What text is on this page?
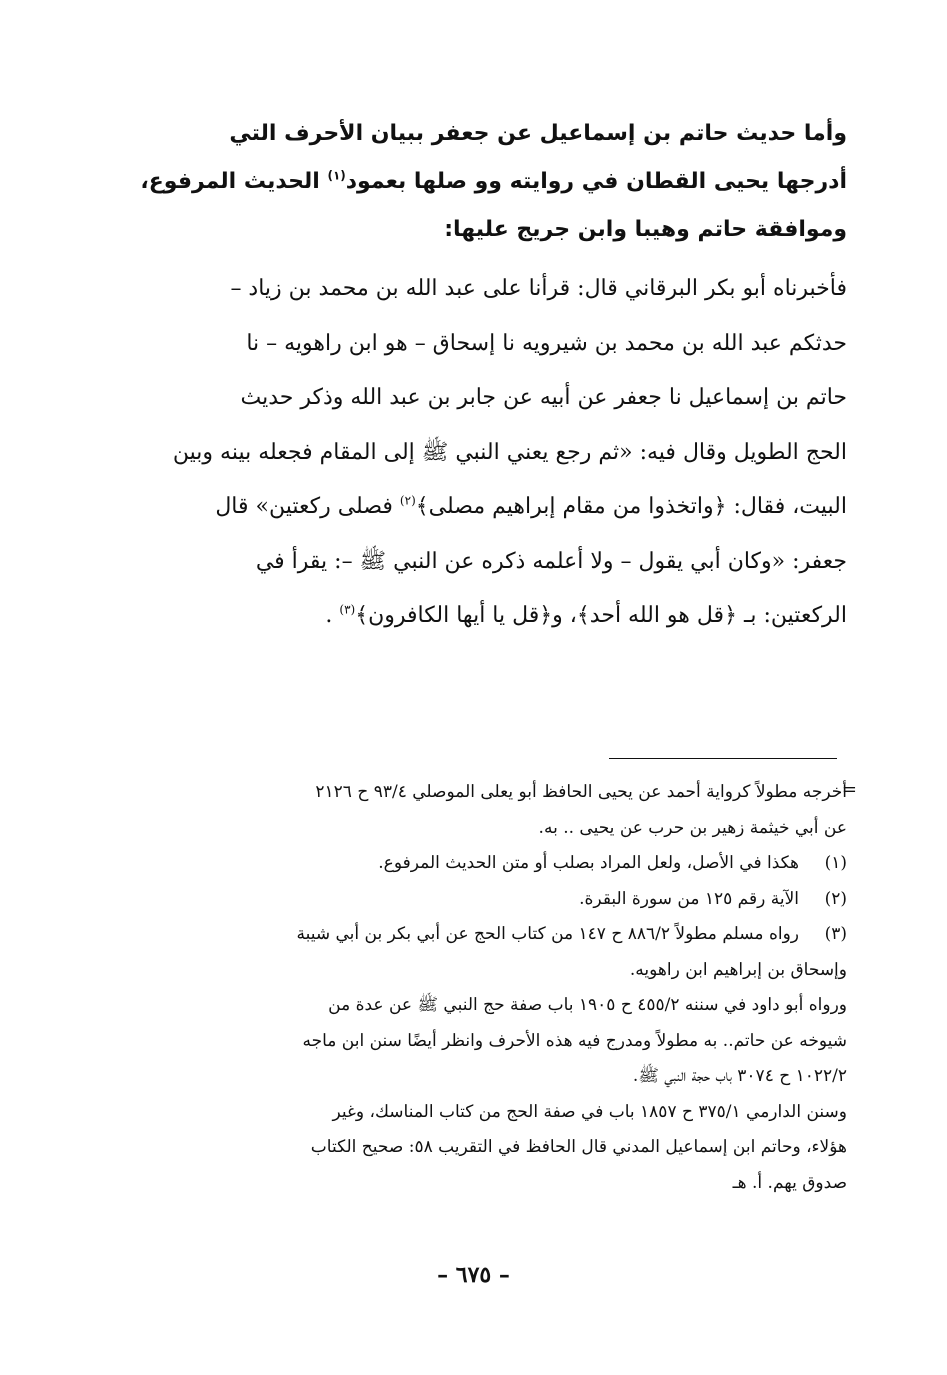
وأما حديث حاتم بن إسماعيل عن جعفر ببيان الأحرف التي

أدرجها يحيى القطان في روايته وو صلها بعمود$^{(١)}$ الحديث المرفوع،

وموافقة حاتم وهيبا وابن جريج عليها:

فأخبرناه أبو بكر البرقاني قال: قرأنا على عبد الله بن محمد بن زياد –

حدثكم عبد الله بن محمد بن شيرويه نا إسحاق – هو ابن راهويه – نا

حاتم بن إسماعيل نا جعفر عن أبيه عن جابر بن عبد الله وذكر حديث

الحج الطويل وقال فيه: «ثم رجع يعني النبي ﷺ إلى المقام فجعله بينه وبين

البيت، فقال: ﴿واتخذوا من مقام إبراهيم مصلى﴾$^{(٢)}$ فصلى ركعتين» قال

جعفر: «وكان أبي يقول – ولا أعلمه ذكره عن النبي ﷺ –: يقرأ في

الركعتين: بـ ﴿قل هو الله أحد﴾، و﴿قل يا أيها الكافرون﴾$^{(٣)}$ .

=

أخرجه مطولاً كرواية أحمد عن يحيى الحافظ أبو يعلى الموصلي ٩٣/٤ ح ٢١٢٦

عن أبي خيثمة زهير بن حرب عن يحيى .. به.

(١)هكذا في الأصل، ولعل المراد بصلب أو متن الحديث المرفوع.

(٢)الآية رقم ١٢٥ من سورة البقرة.

(٣)رواه مسلم مطولاً ٨٨٦/٢ ح ١٤٧ من كتاب الحج عن أبي بكر بن أبي شيبة

وإسحاق بن إبراهيم ابن راهويه.

ورواه أبو داود في سننه ٤٥٥/٢ ح ١٩٠٥ باب صفة حج النبي ﷺ عن عدة من

شيوخه عن حاتم.. به مطولاً ومدرج فيه هذه الأحرف وانظر أيضًا سنن ابن ماجه

١٠٢٢/٢ ح ٣٠٧٤ باب حجة النبي ﷺ.

وسنن الدارمي ٣٧٥/١ ح ١٨٥٧ باب في صفة الحج من كتاب المناسك، وغير

هؤلاء، وحاتم ابن إسماعيل المدني قال الحافظ في التقريب ٥٨: صحيح الكتاب

صدوق يهم. أ. هـ

– ٦٧٥ –
